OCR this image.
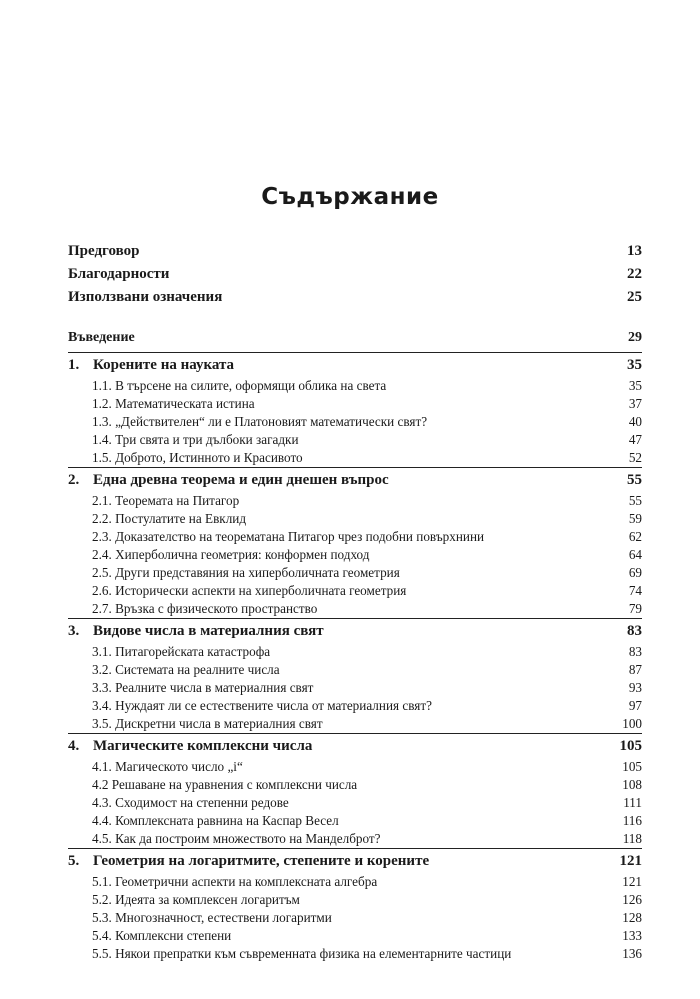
Съдържание
Предговор	13
Благодарности	22
Използвани означения	25
Въведение	29
1. Корените на науката	35
1.1. В търсене на силите, оформящи облика на света	35
1.2. Математическата истина	37
1.3. „Действителен“ ли е Платоновият математически свят?	40
1.4. Три свята и три дълбоки загадки	47
1.5. Доброто, Истинното и Красивото	52
2. Една древна теорема и един днешен въпрос	55
2.1. Теоремата на Питагор	55
2.2. Постулатите на Евклид	59
2.3. Доказателство на теоремата​на Питагор чрез подобни повърхнини	62
2.4. Хиперболична геометрия: конформен подход	64
2.5. Други представяния на хиперболичната геометрия	69
2.6. Исторически аспекти на хиперболичната геометрия	74
2.7. Връзка с физическото пространство	79
3. Видове числа в материалния свят	83
3.1. Питагорейската катастрофа	83
3.2. Системата на реалните числа	87
3.3. Реалните числа в материалния свят	93
3.4. Нуждаят ли се естествените числа от материалния свят?	97
3.5. Дискретни числа в материалния свят	100
4. Магическите комплексни числа	105
4.1. Магическото число „i“	105
4.2 Решаване на уравнения с комплексни числа	108
4.3. Сходимост на степенни редове	111
4.4. Комплексната равнина на Каспар Весел	116
4.5. Как да построим множеството на Манделброт?	118
5. Геометрия на логаритмите, степените и корените	121
5.1. Геометрични аспекти на комплексната алгебра	121
5.2. Идеята за комплексен логаритъм	126
5.3. Многозначност, естествени логаритми	128
5.4. Комплексни степени	133
5.5. Някои препратки към съвременната физика на елементарните частици	136
